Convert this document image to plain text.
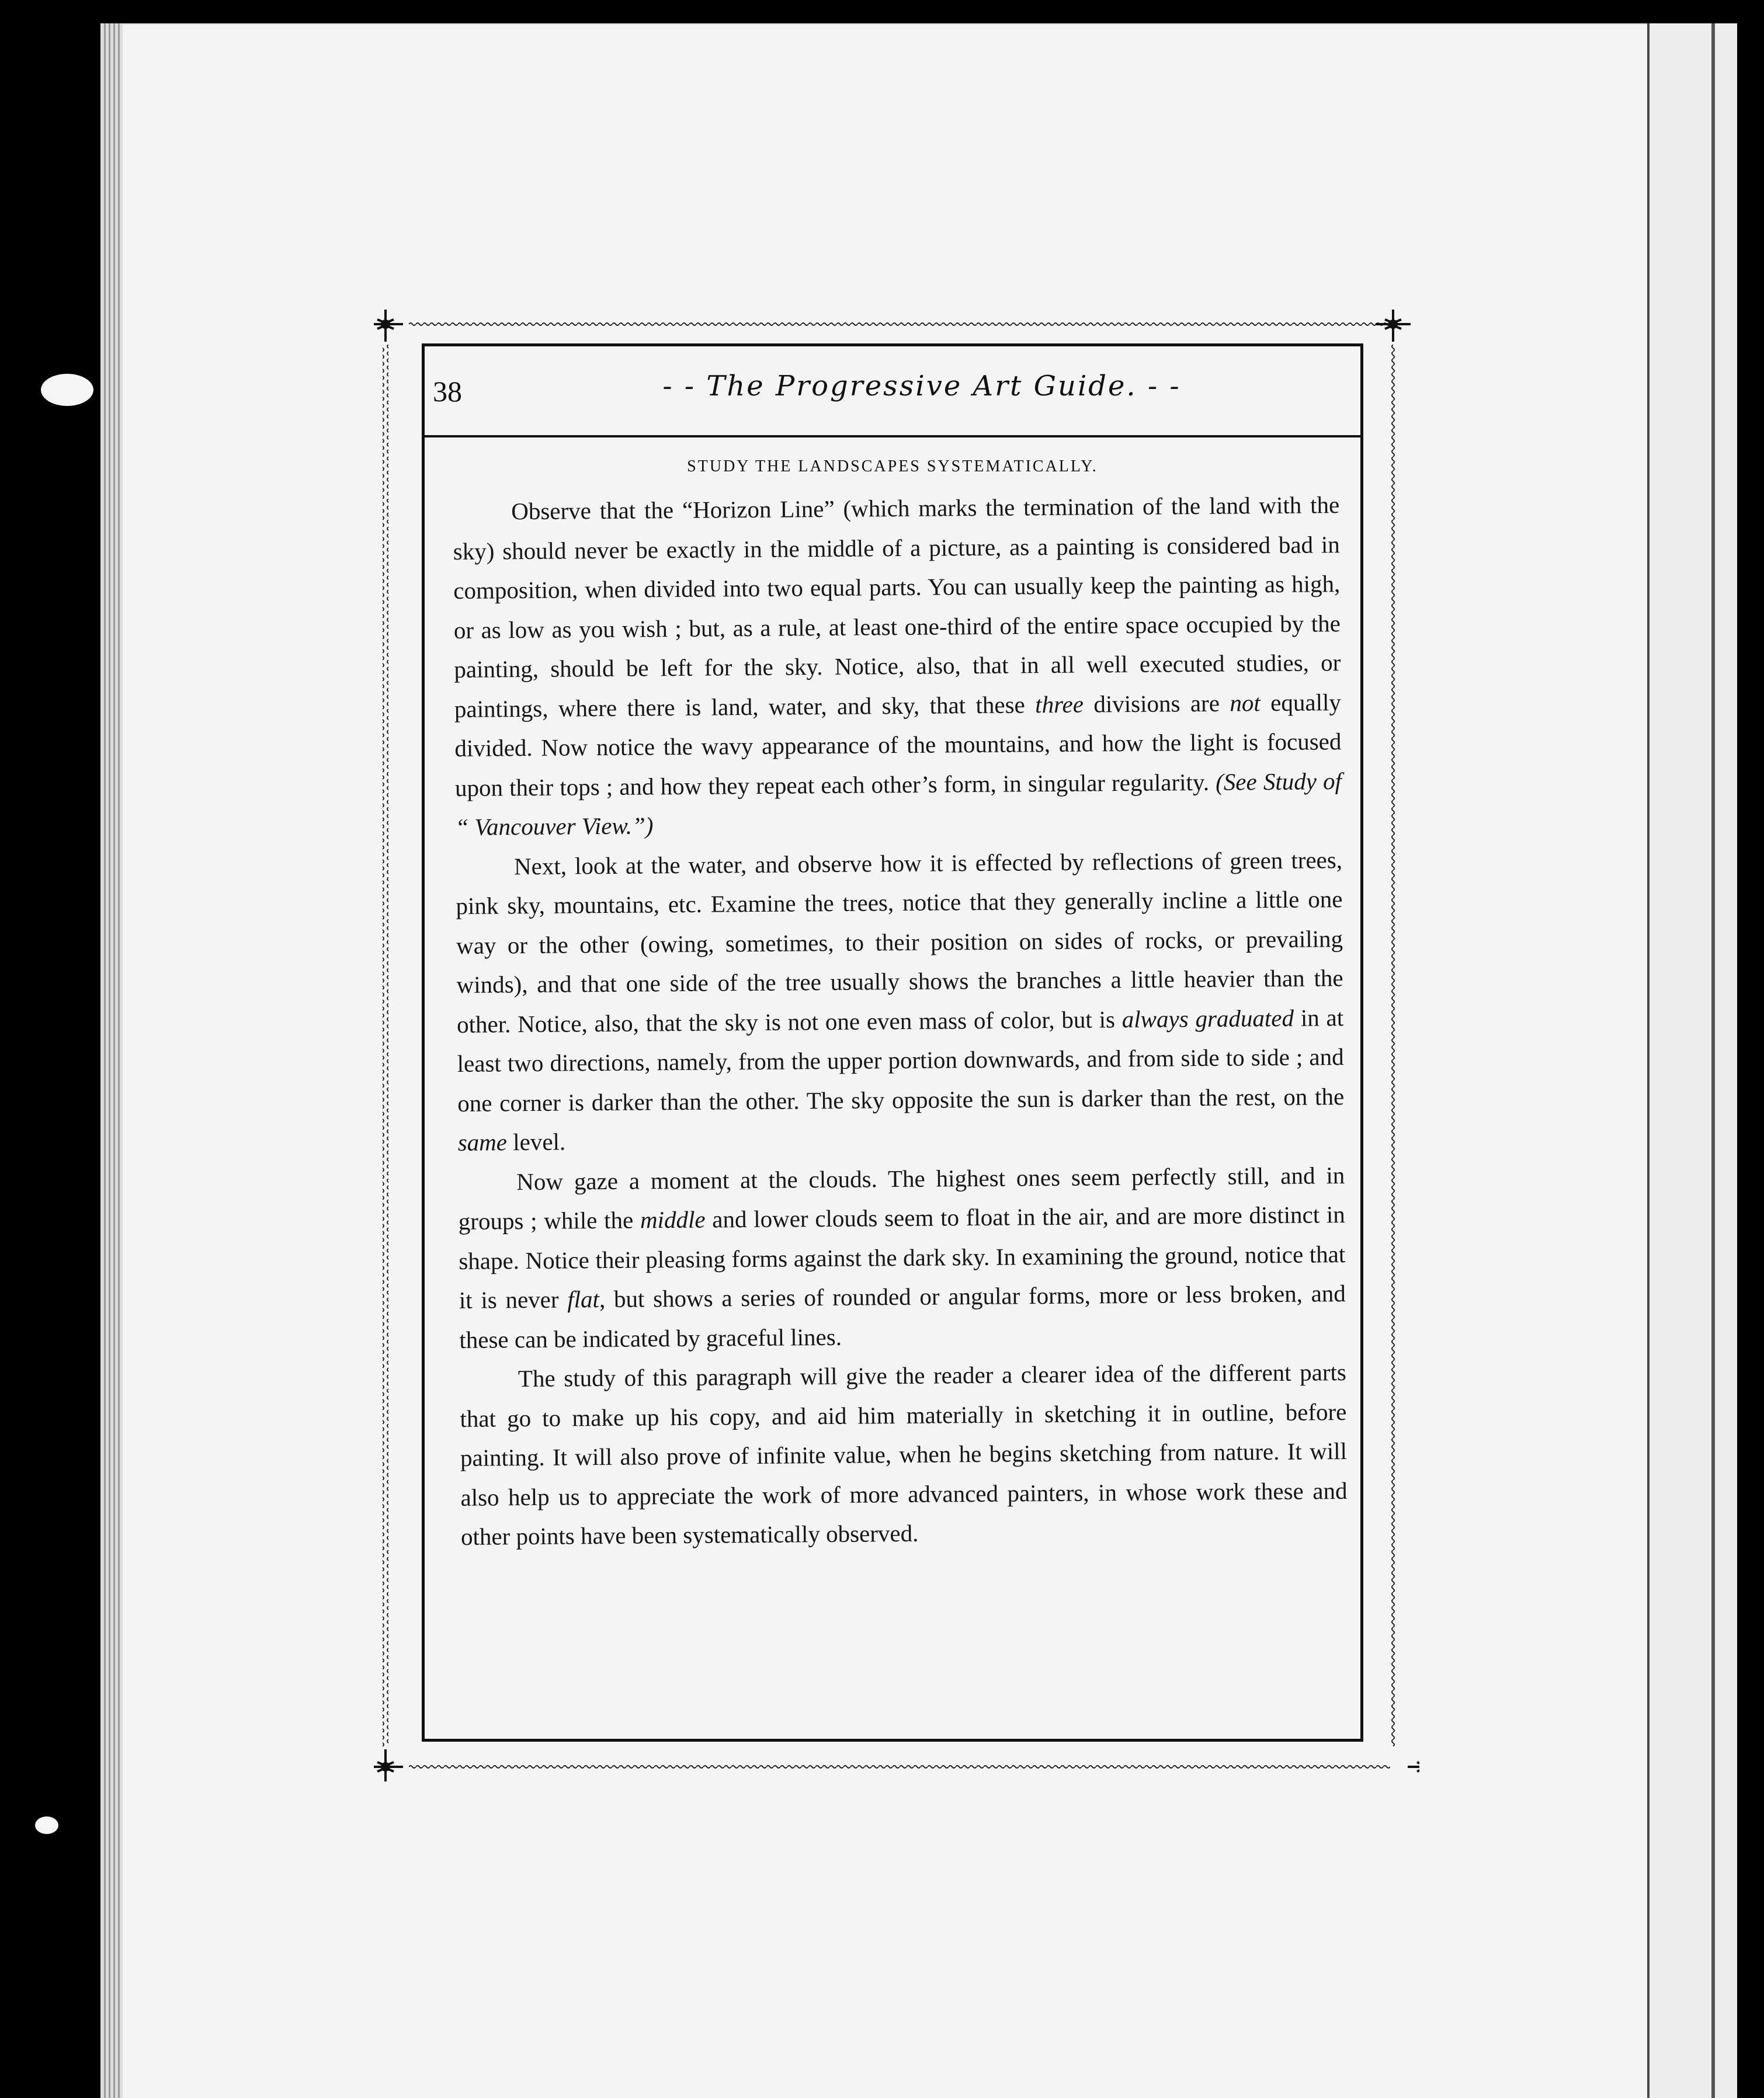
38	- - The Progressive Art Guide. - -
STUDY THE LANDSCAPES SYSTEMATICALLY.

Observe that the “Horizon Line” (which marks the termination of the land with the sky) should never be exactly in the middle of a picture, as a painting is considered bad in composition, when divided into two equal parts. You can usually keep the painting as high, or as low as you wish ; but, as a rule, at least one-third of the entire space occupied by the painting, should be left for the sky. Notice, also, that in all well executed studies, or paintings, where there is land, water, and sky, that these three divisions are not equally divided. Now notice the wavy appearance of the mountains, and how the light is focused upon their tops ; and how they repeat each other’s form, in singular regularity. (See Study of “ Vancouver View.”)

Next, look at the water, and observe how it is effected by reflections of green trees, pink sky, mountains, etc. Examine the trees, notice that they generally incline a little one way or the other (owing, sometimes, to their position on sides of rocks, or prevailing winds), and that one side of the tree usually shows the branches a little heavier than the other. Notice, also, that the sky is not one even mass of color, but is always graduated in at least two directions, namely, from the upper portion downwards, and from side to side ; and one corner is darker than the other. The sky opposite the sun is darker than the rest, on the same level.

Now gaze a moment at the clouds. The highest ones seem perfectly still, and in groups ; while the middle and lower clouds seem to float in the air, and are more distinct in shape. Notice their pleasing forms against the dark sky. In examining the ground, notice that it is never flat, but shows a series of rounded or angular forms, more or less broken, and these can be indicated by graceful lines.

The study of this paragraph will give the reader a clearer idea of the different parts that go to make up his copy, and aid him materially in sketching it in outline, before painting. It will also prove of infinite value, when he begins sketching from nature. It will also help us to appreciate the work of more advanced painters, in whose work these and other points have been systematically observed.
